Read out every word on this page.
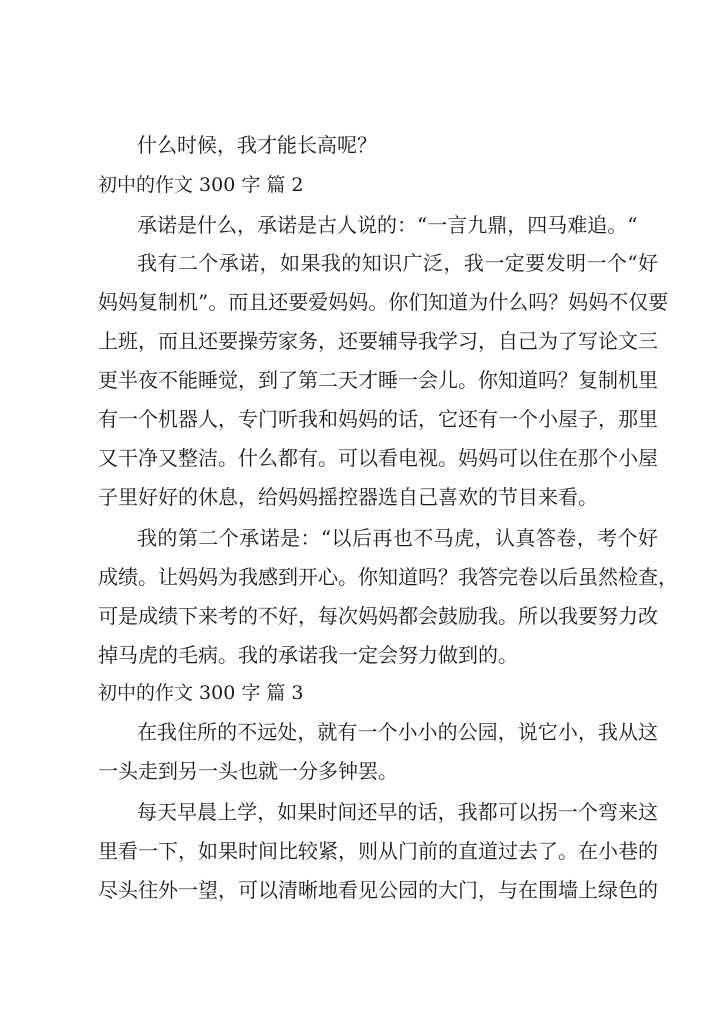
什么时候，我才能长高呢？
初中的作文 300 字 篇 2
承诺是什么，承诺是古人说的：“一言九鼎，四马难追。“
我有二个承诺，如果我的知识广泛，我一定要发明一个“好
妈妈复制机”。而且还要爱妈妈。你们知道为什么吗？妈妈不仅要
上班，而且还要操劳家务，还要辅导我学习，自己为了写论文三
更半夜不能睡觉，到了第二天才睡一会儿。你知道吗？复制机里
有一个机器人，专门听我和妈妈的话，它还有一个小屋子，那里
又干净又整洁。什么都有。可以看电视。妈妈可以住在那个小屋
子里好好的休息，给妈妈摇控器选自己喜欢的节目来看。
我的第二个承诺是：“以后再也不马虎，认真答卷，考个好
成绩。让妈妈为我感到开心。你知道吗？我答完卷以后虽然检查，
可是成绩下来考的不好，每次妈妈都会鼓励我。所以我要努力改
掉马虎的毛病。我的承诺我一定会努力做到的。
初中的作文 300 字 篇 3
在我住所的不远处，就有一个小小的公园，说它小，我从这
一头走到另一头也就一分多钟罢。
每天早晨上学，如果时间还早的话，我都可以拐一个弯来这
里看一下，如果时间比较紧，则从门前的直道过去了。在小巷的
尽头往外一望，可以清晰地看见公园的大门，与在围墙上绿色的
